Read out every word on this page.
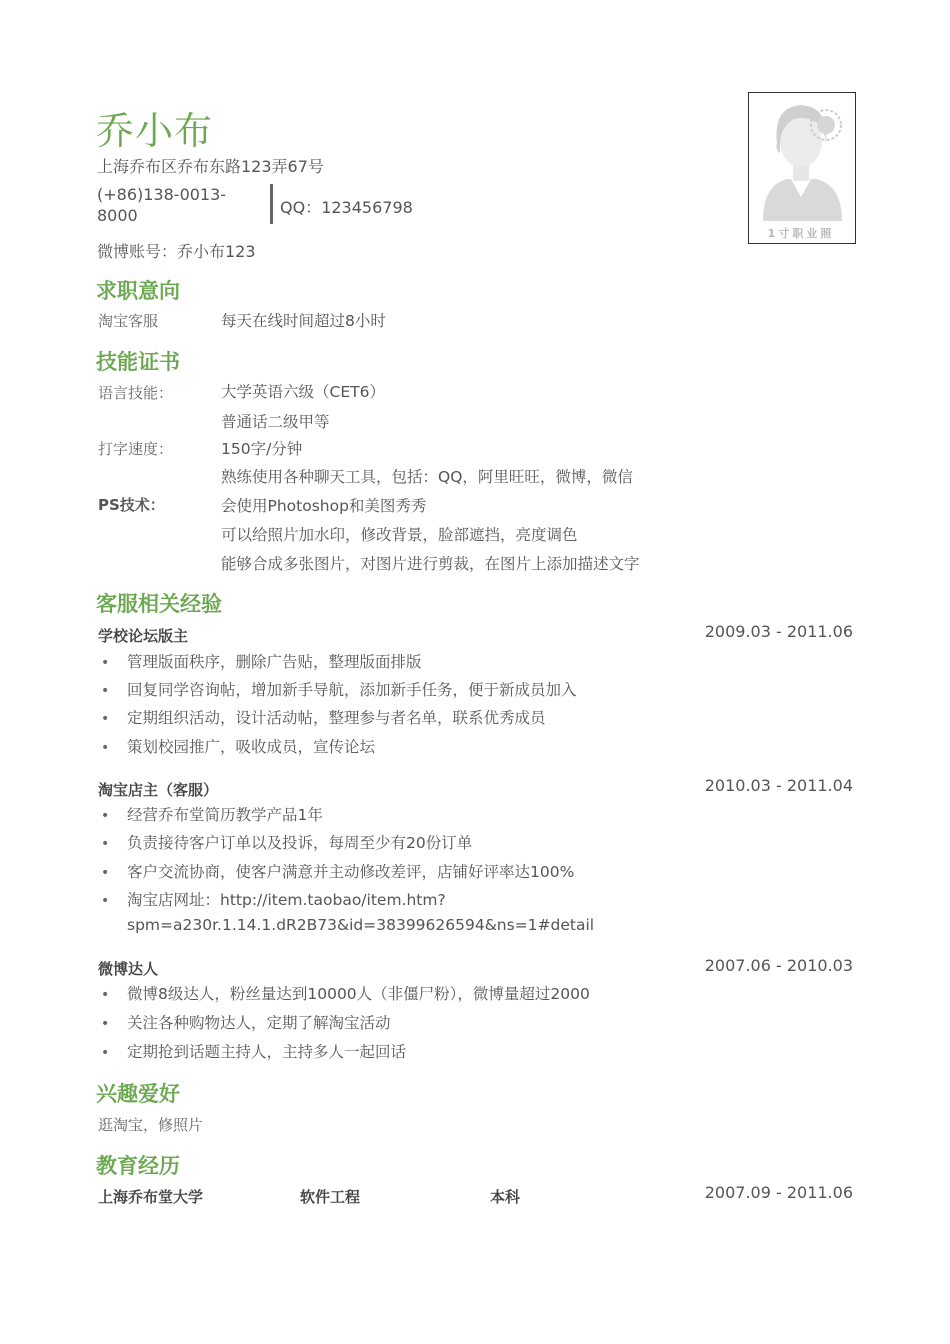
乔小布
上海乔布区乔布东路123弄67号
(+86)138-0013-8000	QQ：123456798
微博账号：乔小布123
1寸职业照
求职意向
淘宝客服	每天在线时间超过8小时
技能证书
语言技能：	大学英语六级（CET6）
普通话二级甲等
打字速度：	150字/分钟
熟练使用各种聊天工具，包括：QQ，阿里旺旺，微博，微信
PS技术：	会使用Photoshop和美图秀秀
可以给照片加水印，修改背景，脸部遮挡，亮度调色
能够合成多张图片，对图片进行剪裁，在图片上添加描述文字
客服相关经验
学校论坛版主	2009.03 - 2011.06
• 管理版面秩序，删除广告贴，整理版面排版
• 回复同学咨询帖，增加新手导航，添加新手任务，便于新成员加入
• 定期组织活动，设计活动帖，整理参与者名单，联系优秀成员
• 策划校园推广，吸收成员，宣传论坛
淘宝店主（客服）	2010.03 - 2011.04
• 经营乔布堂简历教学产品1年
• 负责接待客户订单以及投诉，每周至少有20份订单
• 客户交流协商，使客户满意并主动修改差评，店铺好评率达100%
• 淘宝店网址：http://item.taobao/item.htm?
spm=a230r.1.14.1.dR2B73&id=38399626594&ns=1#detail
微博达人	2007.06 - 2010.03
• 微博8级达人，粉丝量达到10000人（非僵尸粉），微博量超过2000
• 关注各种购物达人，定期了解淘宝活动
• 定期抢到话题主持人，主持多人一起回话
兴趣爱好
逛淘宝，修照片
教育经历
上海乔布堂大学	软件工程	本科	2007.09 - 2011.06
